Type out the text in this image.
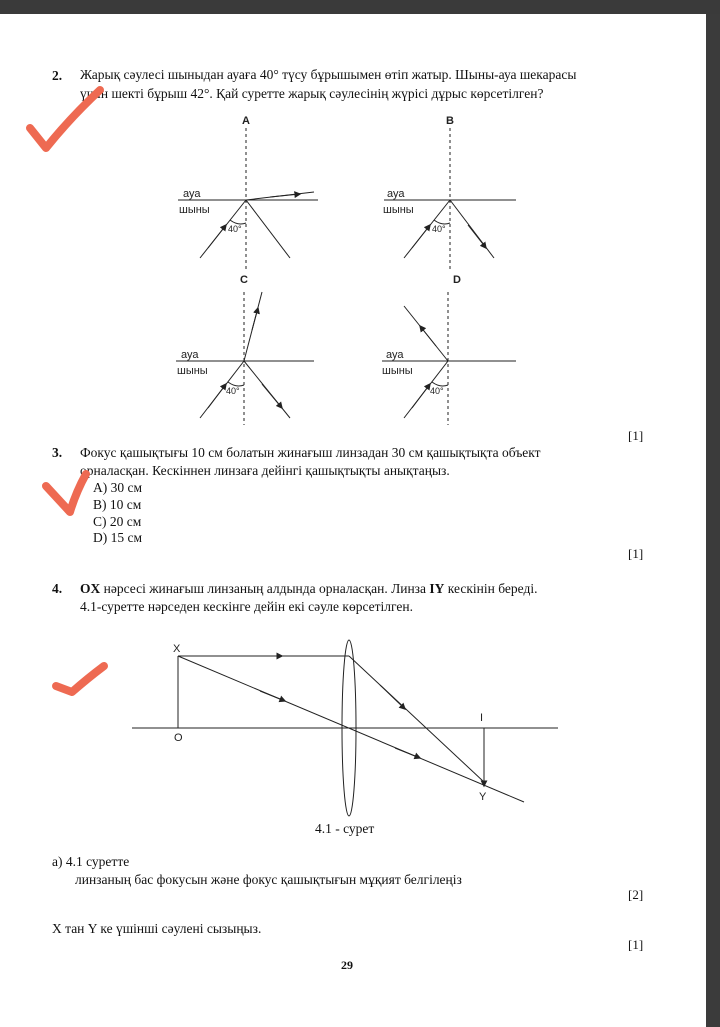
2. Жарық сәулесі шыныдан ауаға 40° түсу бұрышымен өтіп жатыр. Шыны-ауа шекарасы
үшін шекті бұрыш 42°. Қай суретте жарық сәулесінің жүрісі дұрыс көрсетілген?
A
ауа
шыны
40°
B
ауа
шыны
40°
C
ауа
шыны
40°
D
ауа
шыны
40°
[1]
3. Фокус қашықтығы 10 см болатын жинағыш линзадан 30 см қашықтықта объект
орналасқан. Кескіннен линзаға дейінгі қашықтықты анықтаңыз.
A) 30 см
B) 10 см
C) 20 см
D) 15 см
[1]
4. OX нәрсесі жинағыш линзаның алдында орналасқан. Линза IY кескінін береді.
4.1-суретте нәрседен кескінге дейін екі сәуле көрсетілген.
X
O
I
Y
4.1 - сурет
a) 4.1 суретте
линзаның бас фокусын және фокус қашықтығын мұқият белгілеңіз
[2]
X тан Y ке үшінші сәулені сызыңыз.
[1]
29
